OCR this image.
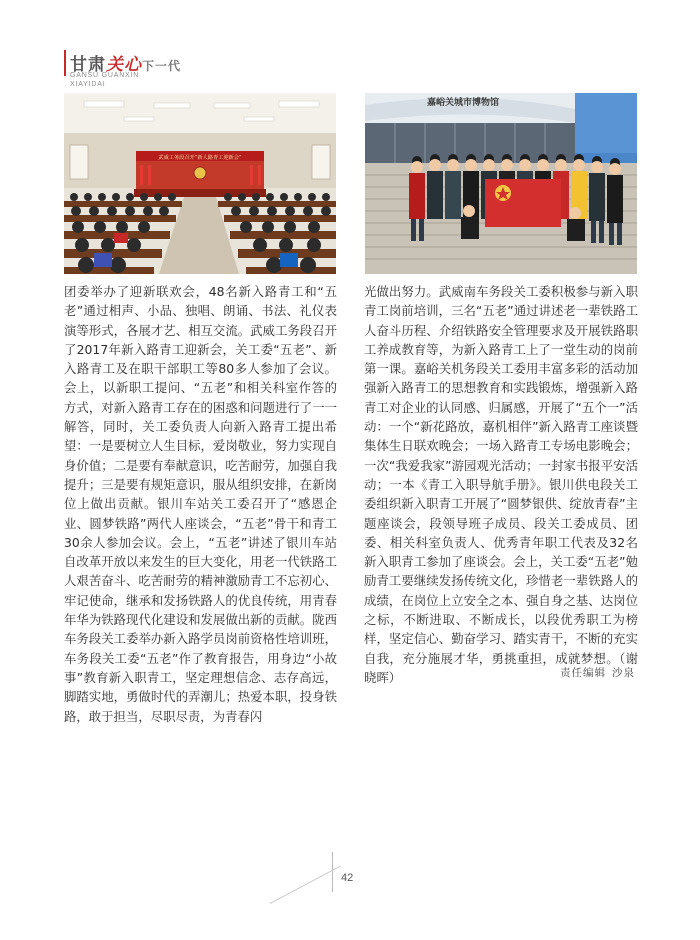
甘肃关心下一代
GANSU GUANXIN
XIAYIDAI
武威工务段召开“新人路青工迎新会”
嘉峪关城市博物馆

团委举办了迎新联欢会，48名新入路青工和“五老”通过相声、小品、独唱、朗诵、书法、礼仪表演等形式，各展才艺、相互交流。武威工务段召开了2017年新入路青工迎新会，关工委“五老”、新入路青工及在职干部职工等80多人参加了会议。会上，以新职工提问、“五老”和相关科室作答的方式，对新入路青工存在的困惑和问题进行了一一解答，同时，关工委负责人向新入路青工提出希望：一是要树立人生目标，爱岗敬业，努力实现自身价值；二是要有奉献意识，吃苦耐劳，加强自我提升；三是要有规矩意识，服从组织安排，在新岗位上做出贡献。银川车站关工委召开了“感恩企业、圆梦铁路”两代人座谈会，“五老”骨干和青工30余人参加会议。会上，“五老”讲述了银川车站自改革开放以来发生的巨大变化，用老一代铁路工人艰苦奋斗、吃苦耐劳的精神激励青工不忘初心、牢记使命，继承和发扬铁路人的优良传统，用青春年华为铁路现代化建设和发展做出新的贡献。陇西车务段关工委举办新入路学员岗前资格性培训班，车务段关工委“五老”作了教育报告，用身边“小故事”教育新入职青工，坚定理想信念、志存高远，脚踏实地，勇做时代的弄潮儿；热爱本职，投身铁路，敢于担当，尽职尽责，为青春闪

光做出努力。武威南车务段关工委积极参与新入职青工岗前培训，三名“五老”通过讲述老一辈铁路工人奋斗历程、介绍铁路安全管理要求及开展铁路职工养成教育等，为新入路青工上了一堂生动的岗前第一课。嘉峪关机务段关工委用丰富多彩的活动加强新入路青工的思想教育和实践锻炼，增强新入路青工对企业的认同感、归属感，开展了“五个一”活动：一个“新花路放，嘉机相伴”新入路青工座谈暨集体生日联欢晚会；一场入路青工专场电影晚会；一次“我爱我家”游园观光活动；一封家书报平安活动；一本《青工入职导航手册》。银川供电段关工委组织新入职青工开展了“圆梦银供、绽放青春”主题座谈会，段领导班子成员、段关工委成员、团委、相关科室负责人、优秀青年职工代表及32名新入职青工参加了座谈会。会上，关工委“五老”勉励青工要继续发扬传统文化，珍惜老一辈铁路人的成绩，在岗位上立安全之本、强自身之基、达岗位之标，不断进取、不断成长，以段优秀职工为榜样，坚定信心、勤奋学习、踏实青干，不断的充实自我，充分施展才华，勇挑重担，成就梦想。（谢晓晖）	责任编辑 沙泉
42
